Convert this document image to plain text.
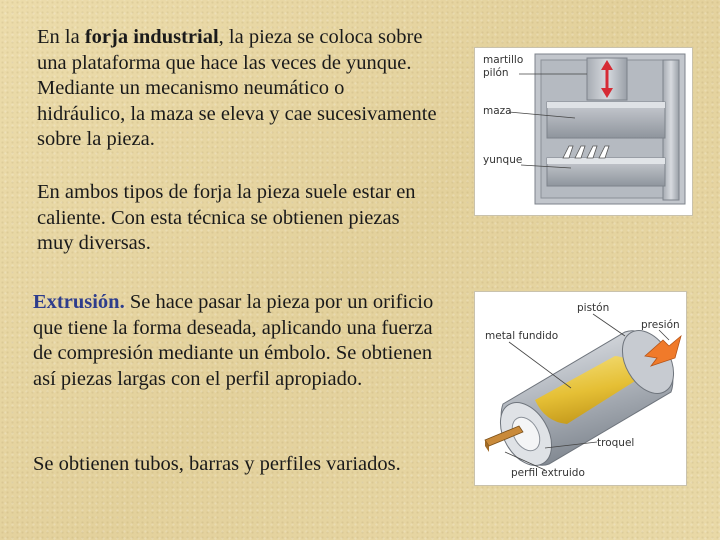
En la forja industrial, la pieza se coloca sobre una plataforma que hace las veces de yunque. Mediante un mecanismo neumático o hidráulico, la maza se eleva y cae sucesivamente sobre la pieza.

En ambos tipos de forja la pieza suele estar en caliente. Con esta técnica se obtienen piezas muy diversas.

Extrusión. Se hace pasar la pieza por un orificio que tiene la forma deseada, aplicando una fuerza de compresión mediante un émbolo. Se obtienen así piezas largas con el perfil apropiado.

Se obtienen tubos, barras y perfiles variados.

martillo
pilón
maza
yunque
pistón
presión
metal fundido
troquel
perfil extruido
